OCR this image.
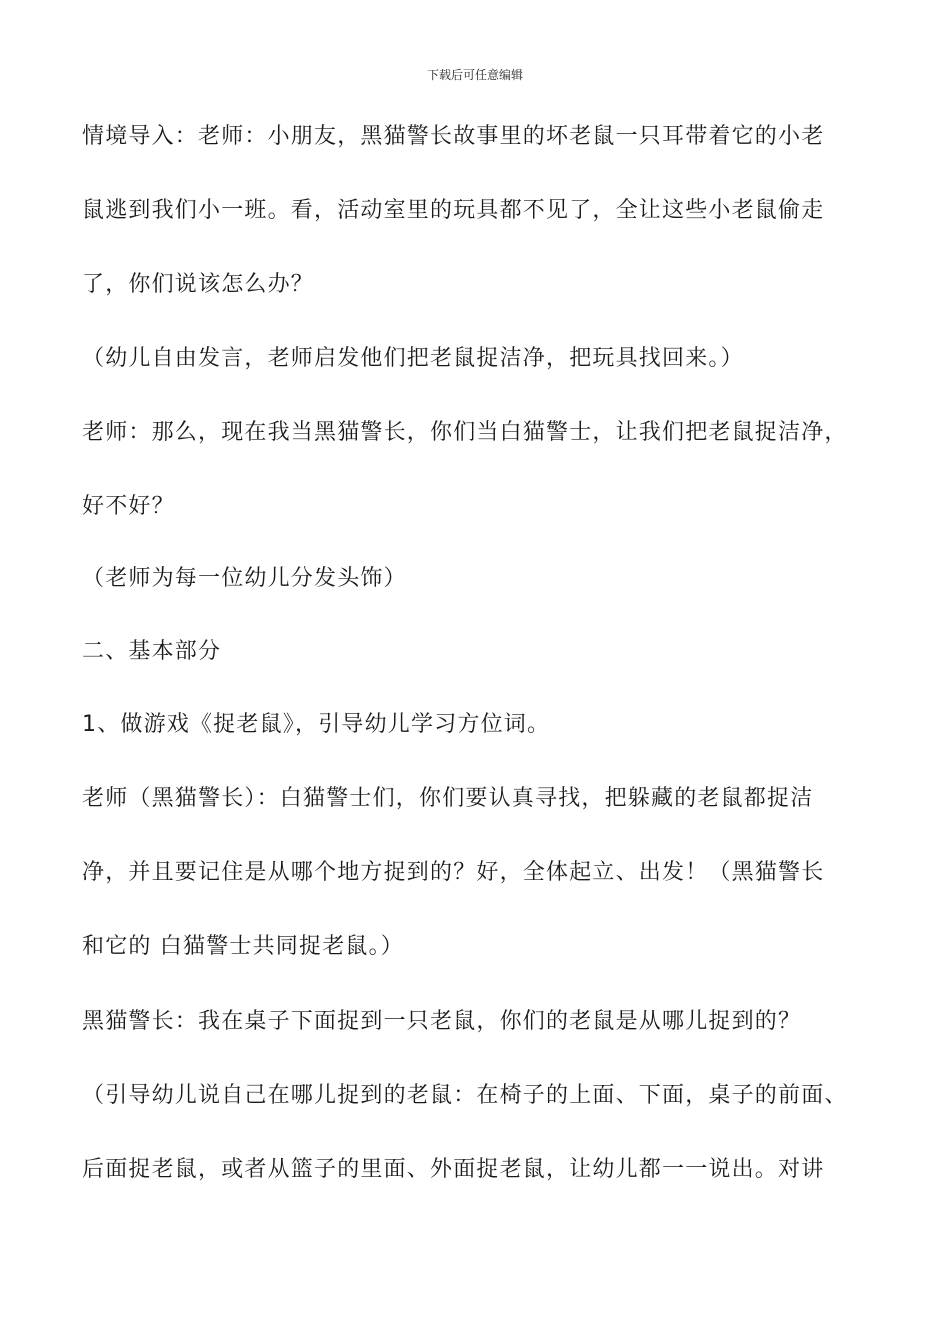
下载后可任意编辑
情境导入：老师：小朋友，黑猫警长故事里的坏老鼠一只耳带着它的小老
鼠逃到我们小一班。看，活动室里的玩具都不见了，全让这些小老鼠偷走
了，你们说该怎么办？
（幼儿自由发言，老师启发他们把老鼠捉洁净，把玩具找回来。）
老师：那么，现在我当黑猫警长，你们当白猫警士，让我们把老鼠捉洁净，
好不好？
（老师为每一位幼儿分发头饰）
二、基本部分
1、做游戏《捉老鼠》，引导幼儿学习方位词。
老师（黑猫警长）：白猫警士们，你们要认真寻找，把躲藏的老鼠都捉洁
净，并且要记住是从哪个地方捉到的？好，全体起立、出发！（黑猫警长
和它的 白猫警士共同捉老鼠。）
黑猫警长：我在桌子下面捉到一只老鼠，你们的老鼠是从哪儿捉到的？
（引导幼儿说自己在哪儿捉到的老鼠：在椅子的上面、下面，桌子的前面、
后面捉老鼠，或者从篮子的里面、外面捉老鼠，让幼儿都一一说出。对讲
